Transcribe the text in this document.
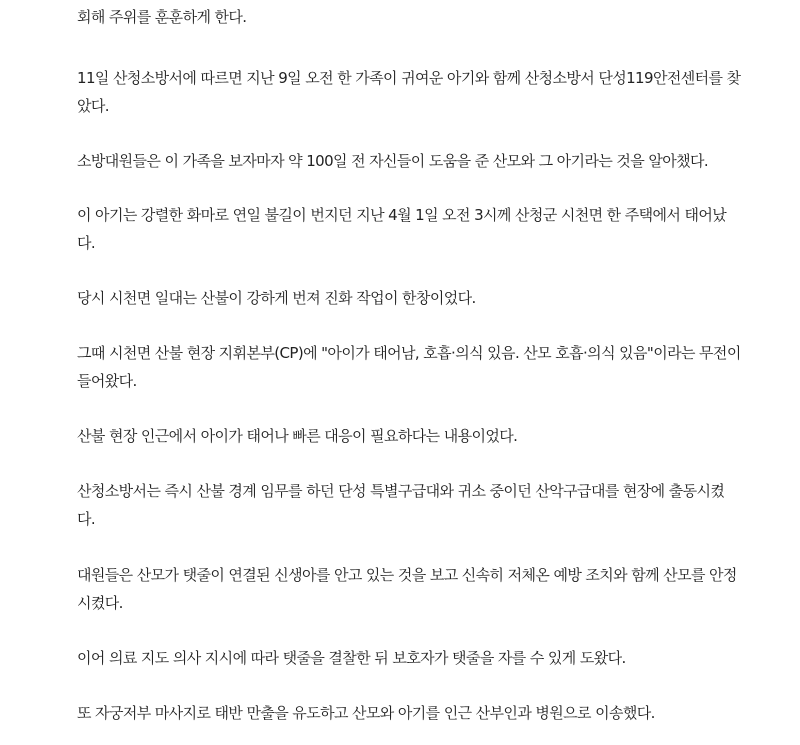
회해 주위를 훈훈하게 한다.

11일 산청소방서에 따르면 지난 9일 오전 한 가족이 귀여운 아기와 함께 산청소방서 단성119안전센터를 찾
았다.

소방대원들은 이 가족을 보자마자 약 100일 전 자신들이 도움을 준 산모와 그 아기라는 것을 알아챘다.

이 아기는 강렬한 화마로 연일 불길이 번지던 지난 4월 1일 오전 3시께 산청군 시천면 한 주택에서 태어났
다.

당시 시천면 일대는 산불이 강하게 번져 진화 작업이 한창이었다.

그때 시천면 산불 현장 지휘본부(CP)에 "아이가 태어남, 호흡·의식 있음. 산모 호흡·의식 있음"이라는 무전이
들어왔다.

산불 현장 인근에서 아이가 태어나 빠른 대응이 필요하다는 내용이었다.

산청소방서는 즉시 산불 경계 임무를 하던 단성 특별구급대와 귀소 중이던 산악구급대를 현장에 출동시켰
다.

대원들은 산모가 탯줄이 연결된 신생아를 안고 있는 것을 보고 신속히 저체온 예방 조치와 함께 산모를 안정
시켰다.

이어 의료 지도 의사 지시에 따라 탯줄을 결찰한 뒤 보호자가 탯줄을 자를 수 있게 도왔다.

또 자궁저부 마사지로 태반 만출을 유도하고 산모와 아기를 인근 산부인과 병원으로 이송했다.
